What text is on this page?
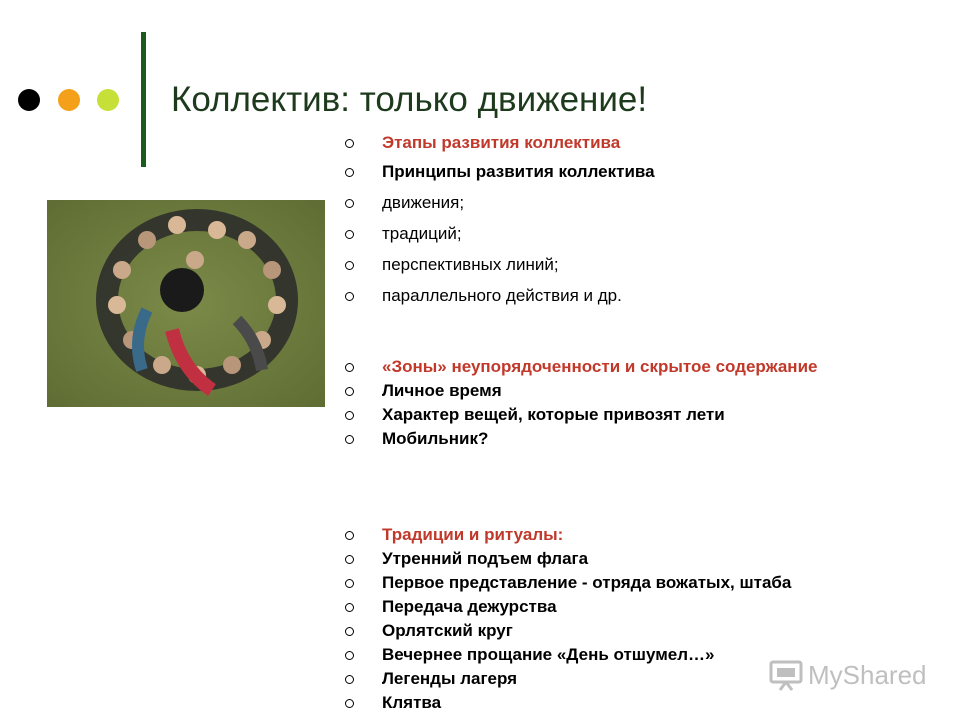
Коллектив: только движение!
Этапы развития коллектива
Принципы развития коллектива
движения;
традиций;
перспективных линий;
параллельного действия и др.
«Зоны» неупорядоченности и скрытое содержание
Личное время
Характер вещей, которые привозят лети
Мобильник?
Традиции и ритуалы:
Утренний подъем флага
Первое представление - отряда вожатых, штаба
Передача дежурства
Орлятский круг
Вечернее прощание «День отшумел…»
Легенды лагеря
Клятва
MyShared
